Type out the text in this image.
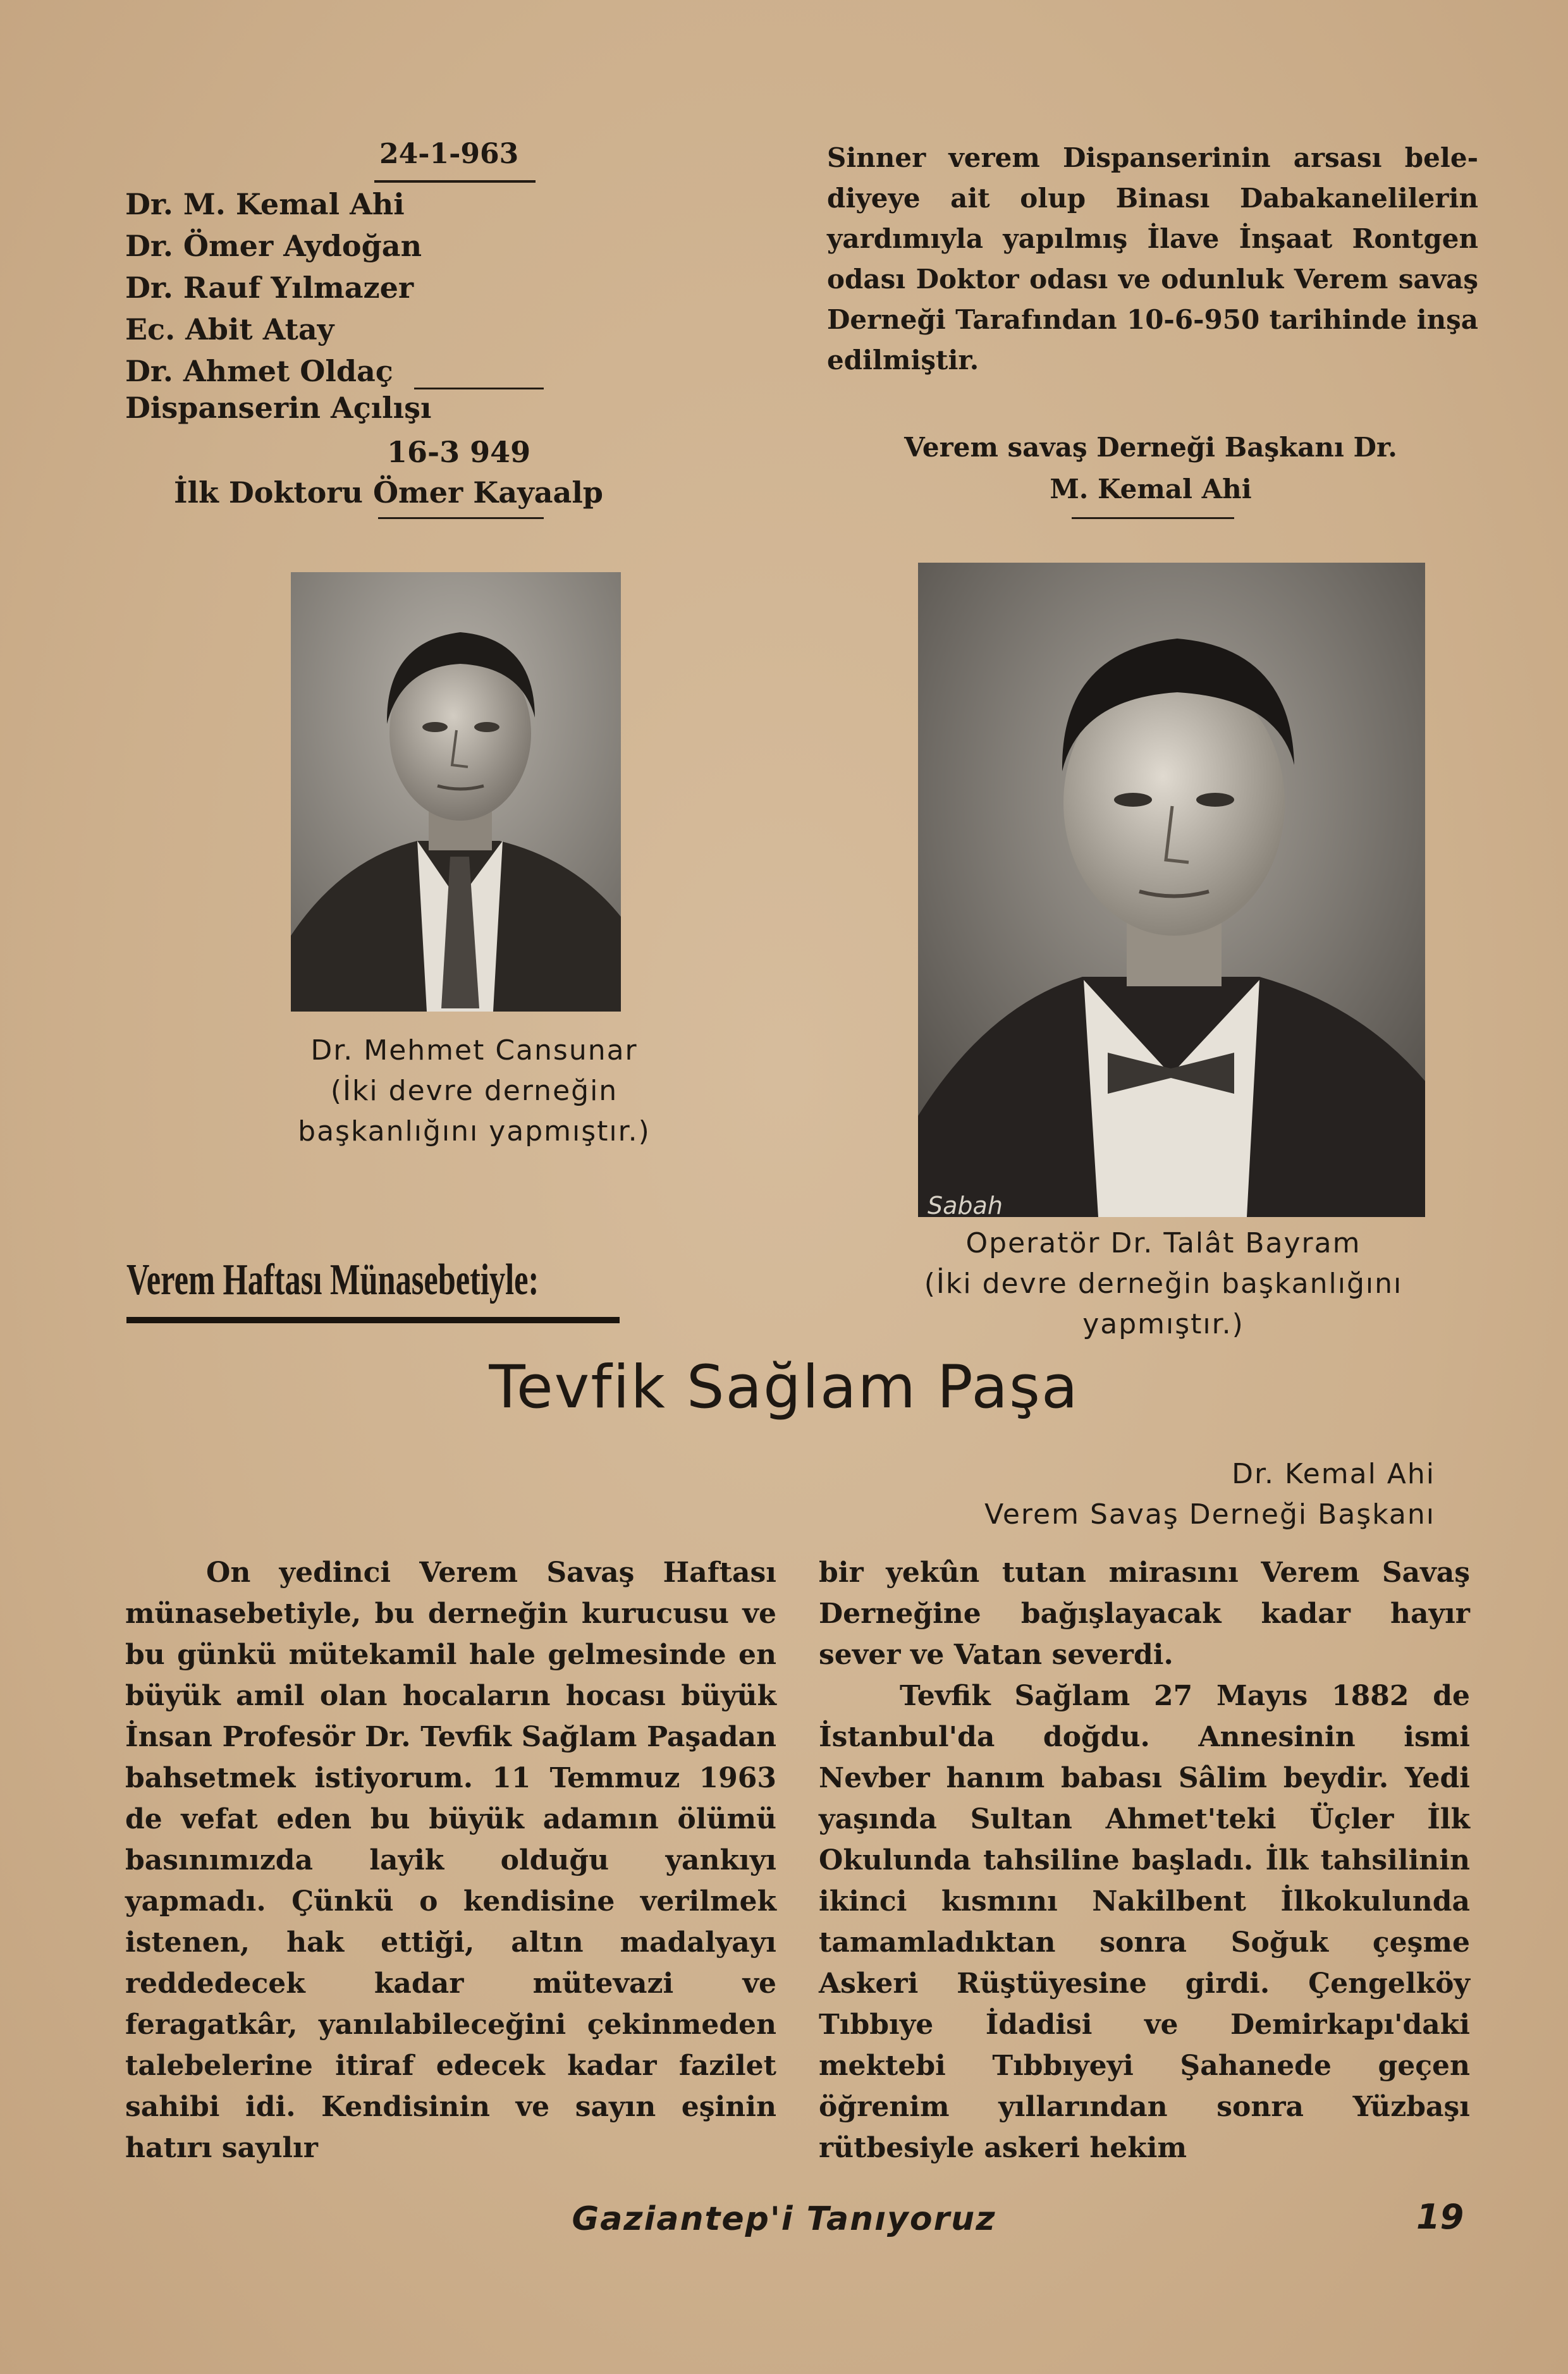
24-1-963
Dr. M. Kemal Ahi
Dr. Ömer Aydoğan
Dr. Rauf Yılmazer
Ec. Abit Atay
Dr. Ahmet Oldaç
Dispanserin Açılışı
16-3 949
İlk Doktoru Ömer Kayaalp
Sinner verem Dispanserinin arsası bele-diyeye ait olup Binası Dabakanelilerin yardımıyla yapılmış İlave İnşaat Rontgen odası Doktor odası ve odunluk Verem savaş Derneği Tarafından 10-6-950 tarihinde inşa edilmiştir.
Verem savaş Derneği Başkanı Dr.
M. Kemal Ahi
Dr. Mehmet Cansunar
(İki devre derneğin başkanlığını yapmıştır.)
Sabah
Operatör Dr. Talât Bayram
(İki devre derneğin başkanlığını yapmıştır.)
Verem Haftası Münasebetiyle:
Tevfik Sağlam Paşa
Dr. Kemal Ahi
Verem Savaş Derneği Başkanı

On yedinci Verem Savaş Haftası münasebetiyle, bu derneğin kurucusu ve bu günkü mütekamil hale gelmesinde en büyük amil olan hocaların hocası büyük İnsan Profesör Dr. Tevfik Sağlam Paşadan bahsetmek istiyorum. 11 Temmuz 1963 de vefat eden bu büyük adamın ölümü basınımızda layik olduğu yankıyı yapmadı. Çünkü o kendisine verilmek istenen, hak ettiği, altın madalyayı reddedecek kadar mütevazi ve feragatkâr, yanılabileceğini çekinmeden talebelerine itiraf edecek kadar fazilet sahibi idi. Kendisinin ve sayın eşinin hatırı sayılır

bir yekûn tutan mirasını Verem Savaş Derneğine bağışlayacak kadar hayır sever ve Vatan severdi.

Tevfik Sağlam 27 Mayıs 1882 de İstanbul'da doğdu. Annesinin ismi Nevber hanım babası Sâlim beydir. Yedi yaşında Sultan Ahmet'teki Üçler İlk Okulunda tahsiline başladı. İlk tahsilinin ikinci kısmını Nakilbent İlkokulunda tamamladıktan sonra Soğuk çeşme Askeri Rüştüyesine girdi. Çengelköy Tıbbıye İdadisi ve Demirkapı'daki mektebi Tıbbıyeyi Şahanede geçen öğrenim yıllarından sonra Yüzbaşı rütbesiyle askeri hekim

Gaziantep'i Tanıyoruz	19
